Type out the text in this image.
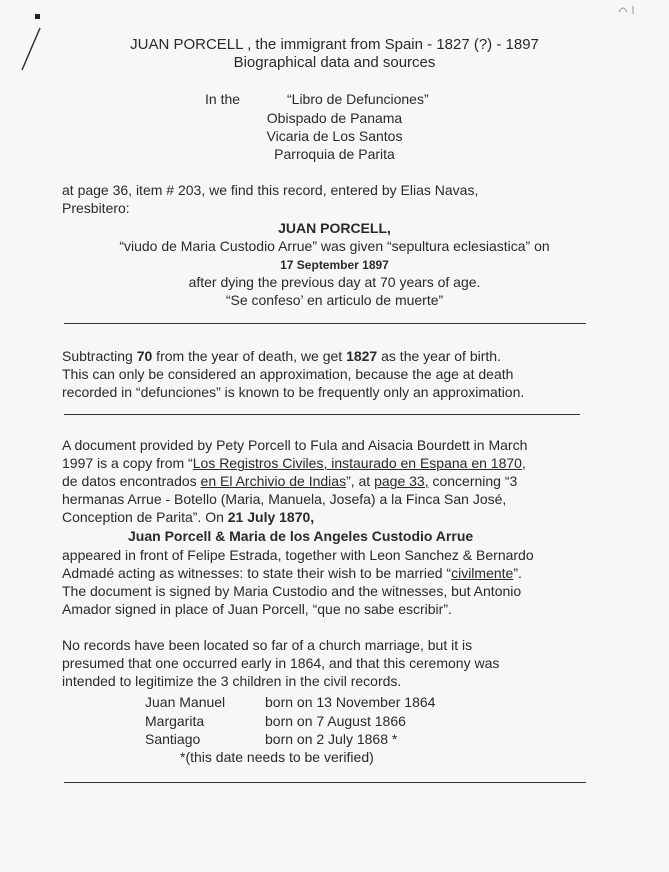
JUAN PORCELL , the immigrant from Spain - 1827 (?) - 1897
Biographical data and sources
In the	“Libro de Defunciones”
Obispado de Panama
Vicaria de Los Santos
Parroquia de Parita
at page 36, item # 203, we find this record, entered by Elias Navas,
Presbitero:
JUAN PORCELL,
“viudo de Maria Custodio Arrue” was given “sepultura eclesiastica” on
17 September 1897
after dying the previous day at 70 years of age.
“Se confeso’ en articulo de muerte”
Subtracting 70 from the year of death, we get 1827 as the year of birth.
This can only be considered an approximation, because the age at death
recorded in “defunciones” is known to be frequently only an approximation.
A document provided by Pety Porcell to Fula and Aisacia Bourdett in March
1997 is a copy from “Los Registros Civiles, instaurado en Espana en 1870,
de datos encontrados en El Archivio de Indias”, at page 33, concerning “3
hermanas Arrue - Botello (Maria, Manuela, Josefa) a la Finca San José,
Conception de Parita”. On 21 July 1870,
Juan Porcell & Maria de los Angeles Custodio Arrue
appeared in front of Felipe Estrada, together with Leon Sanchez & Bernardo
Admadé acting as witnesses: to state their wish to be married “civilmente”.
The document is signed by Maria Custodio and the witnesses, but Antonio
Amador signed in place of Juan Porcell, “que no sabe escribir”.
No records have been located so far of a church marriage, but it is
presumed that one occurred early in 1864, and that this ceremony was
intended to legitimize the 3 children in the civil records.
Juan Manuel	born on 13 November 1864
Margarita	born on 7 August 1866
Santiago	born on 2 July 1868 *
*(this date needs to be verified)
